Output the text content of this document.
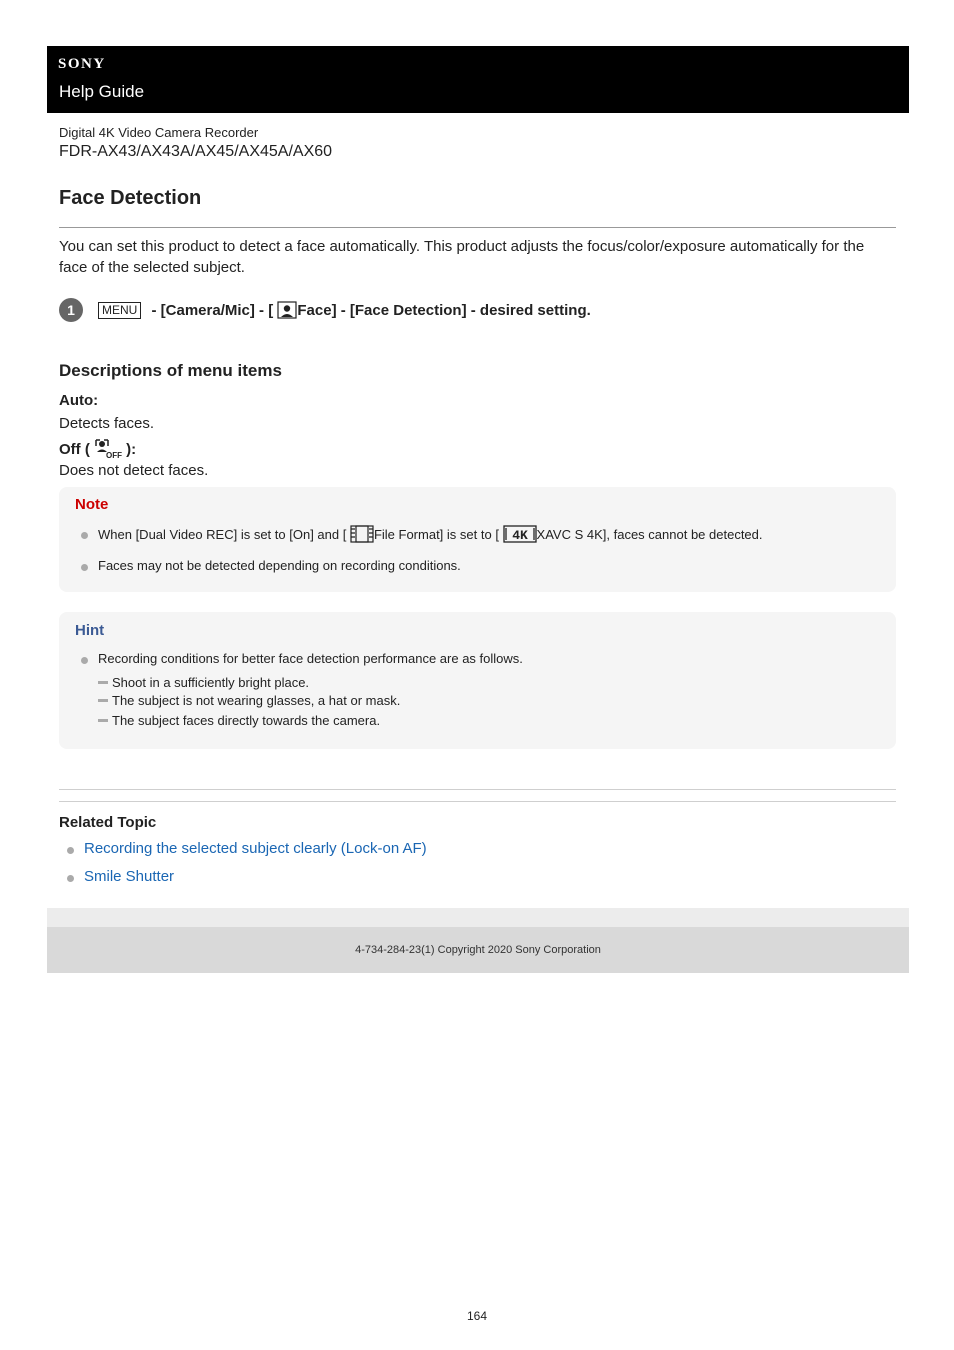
SONY
Help Guide
Digital 4K Video Camera Recorder
FDR-AX43/AX43A/AX45/AX45A/AX60
Face Detection
You can set this product to detect a face automatically. This product adjusts the focus/color/exposure automatically for the face of the selected subject.
1	MENU - [Camera/Mic] - [ Face] - [Face Detection] - desired setting.
Descriptions of menu items
Auto:
Detects faces.
Off ( OFF ):
Does not detect faces.
Note
When [Dual Video REC] is set to [On] and [ File Format] is set to [ 4K XAVC S 4K], faces cannot be detected.
Faces may not be detected depending on recording conditions.
Hint
Recording conditions for better face detection performance are as follows.
Shoot in a sufficiently bright place.
The subject is not wearing glasses, a hat or mask.
The subject faces directly towards the camera.
Related Topic
Recording the selected subject clearly (Lock-on AF)
Smile Shutter
4-734-284-23(1) Copyright 2020 Sony Corporation
164
